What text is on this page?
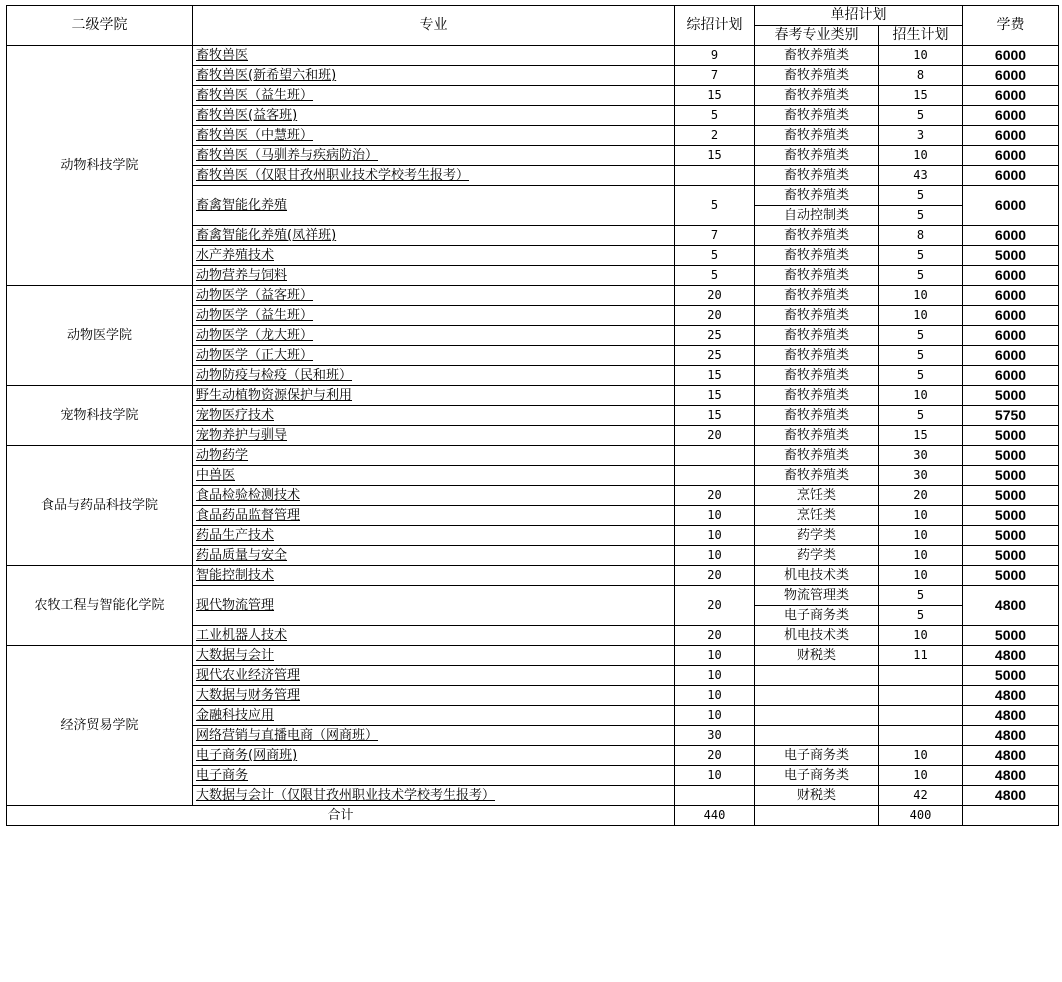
二级学院	专业	综招计划	单招计划		学费
			春考专业类别	招生计划	
动物科技学院	畜牧兽医	9	畜牧养殖类	10	6000
	畜牧兽医(新希望六和班)	7	畜牧养殖类	8	6000
	畜牧兽医（益生班）	15	畜牧养殖类	15	6000
	畜牧兽医(益客班)	5	畜牧养殖类	5	6000
	畜牧兽医（中慧班）	2	畜牧养殖类	3	6000
	畜牧兽医（马驯养与疾病防治）	15	畜牧养殖类	10	6000
	畜牧兽医（仅限甘孜州职业技术学校考生报考）		畜牧养殖类	43	6000
	畜禽智能化养殖	5	畜牧养殖类	5	6000
			自动控制类	5	
	畜禽智能化养殖(凤祥班)	7	畜牧养殖类	8	6000
	水产养殖技术	5	畜牧养殖类	5	5000
	动物营养与饲料	5	畜牧养殖类	5	6000
动物医学院	动物医学（益客班）	20	畜牧养殖类	10	6000
	动物医学（益生班）	20	畜牧养殖类	10	6000
	动物医学（龙大班）	25	畜牧养殖类	5	6000
	动物医学（正大班）	25	畜牧养殖类	5	6000
	动物防疫与检疫（民和班）	15	畜牧养殖类	5	6000
宠物科技学院	野生动植物资源保护与利用	15	畜牧养殖类	10	5000
	宠物医疗技术	15	畜牧养殖类	5	5750
	宠物养护与驯导	20	畜牧养殖类	15	5000
食品与药品科技学院	动物药学		畜牧养殖类	30	5000
	中兽医		畜牧养殖类	30	5000
	食品检验检测技术	20	烹饪类	20	5000
	食品药品监督管理	10	烹饪类	10	5000
	药品生产技术	10	药学类	10	5000
	药品质量与安全	10	药学类	10	5000
农牧工程与智能化学院	智能控制技术	20	机电技术类	10	5000
	现代物流管理	20	物流管理类	5	4800
			电子商务类	5	
	工业机器人技术	20	机电技术类	10	5000
经济贸易学院	大数据与会计	10	财税类	11	4800
	现代农业经济管理	10			5000
	大数据与财务管理	10			4800
	金融科技应用	10			4800
	网络营销与直播电商（网商班）	30			4800
	电子商务(网商班)	20	电子商务类	10	4800
	电子商务	10	电子商务类	10	4800
	大数据与会计（仅限甘孜州职业技术学校考生报考）		财税类	42	4800
合计		440		400	
